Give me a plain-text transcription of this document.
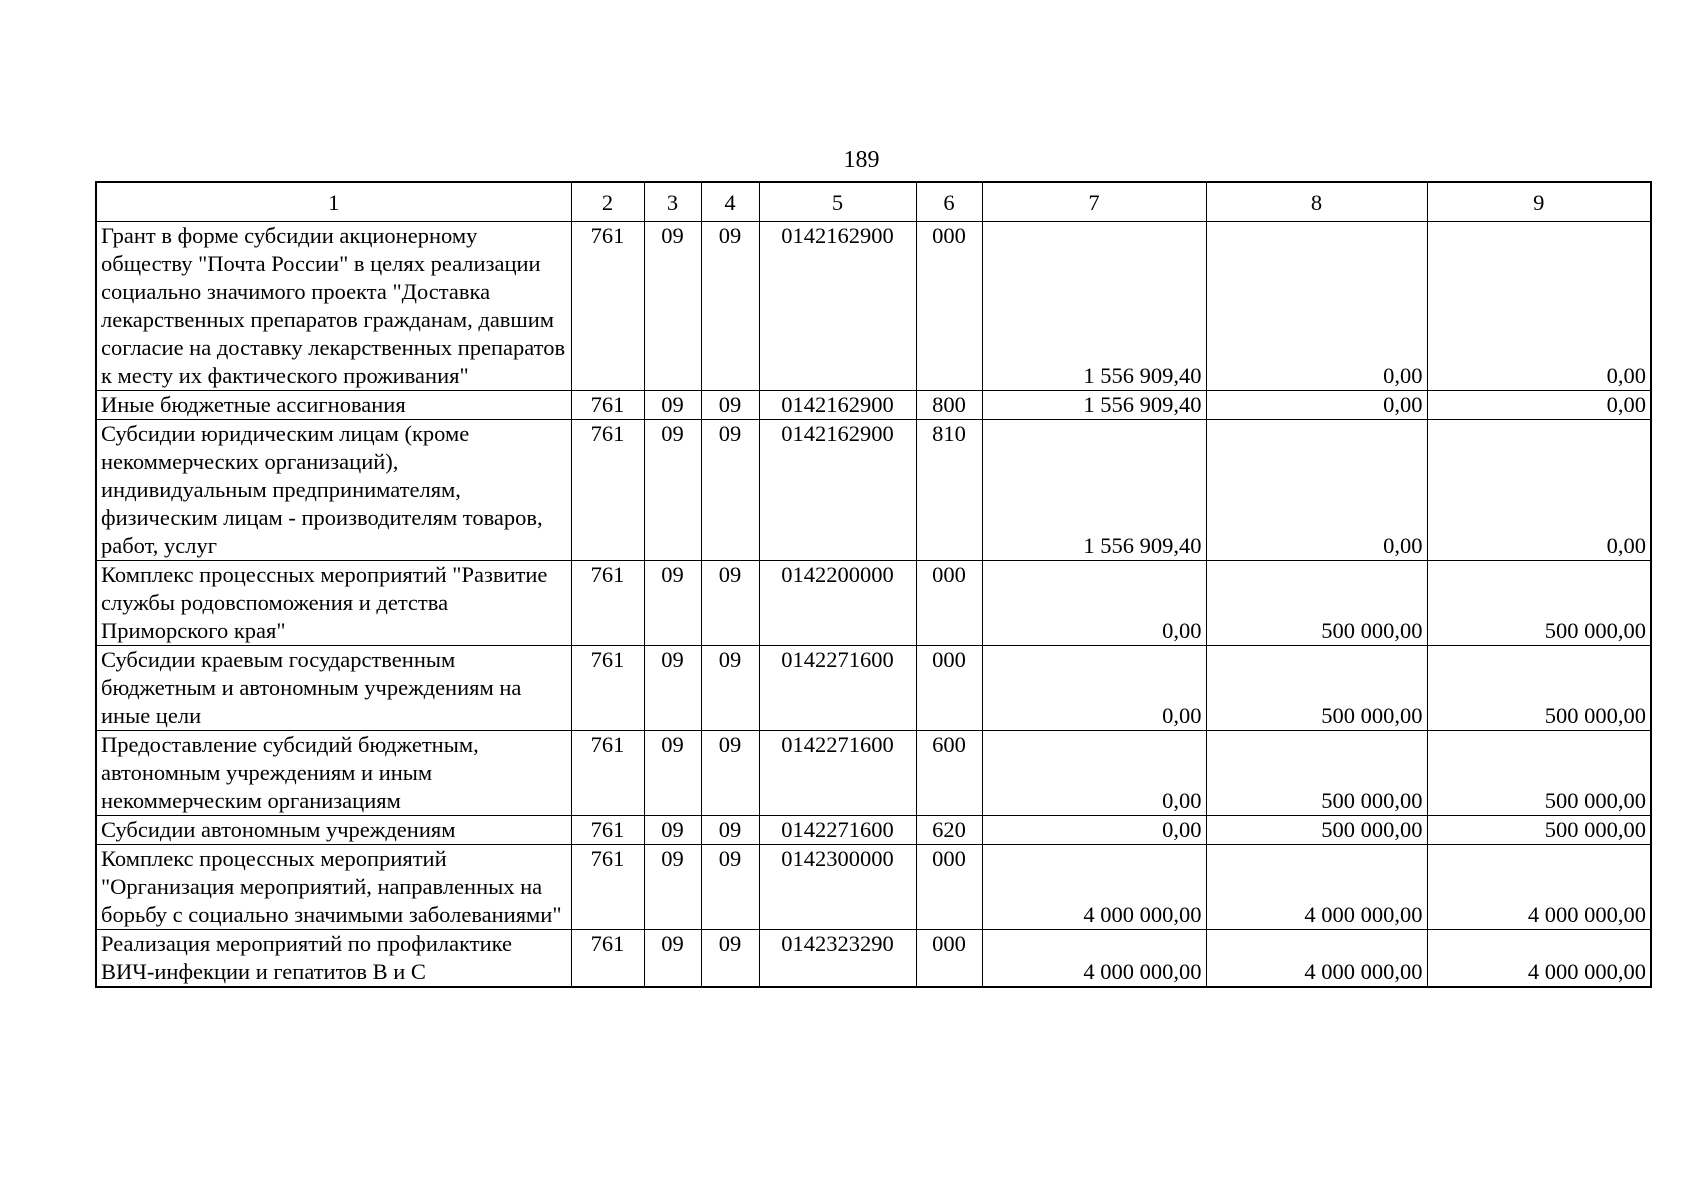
189
1	2	3	4	5	6	7	8	9
Грант в форме субсидии акционерному обществу "Почта России" в целях реализации социально значимого проекта "Доставка лекарственных препаратов гражданам, давшим согласие на доставку лекарственных препаратов к месту их фактического проживания"	761	09	09	0142162900	000	1 556 909,40	0,00	0,00
Иные бюджетные ассигнования	761	09	09	0142162900	800	1 556 909,40	0,00	0,00
Субсидии юридическим лицам (кроме некоммерческих организаций), индивидуальным предпринимателям, физическим лицам - производителям товаров, работ, услуг	761	09	09	0142162900	810	1 556 909,40	0,00	0,00
Комплекс процессных мероприятий "Развитие службы родовспоможения и детства Приморского края"	761	09	09	0142200000	000	0,00	500 000,00	500 000,00
Субсидии краевым государственным бюджетным и автономным учреждениям на иные цели	761	09	09	0142271600	000	0,00	500 000,00	500 000,00
Предоставление субсидий бюджетным, автономным учреждениям и иным некоммерческим организациям	761	09	09	0142271600	600	0,00	500 000,00	500 000,00
Субсидии автономным учреждениям	761	09	09	0142271600	620	0,00	500 000,00	500 000,00
Комплекс процессных мероприятий "Организация мероприятий, направленных на борьбу с социально значимыми заболеваниями"	761	09	09	0142300000	000	4 000 000,00	4 000 000,00	4 000 000,00
Реализация мероприятий по профилактике ВИЧ-инфекции и гепатитов В и С	761	09	09	0142323290	000	4 000 000,00	4 000 000,00	4 000 000,00
